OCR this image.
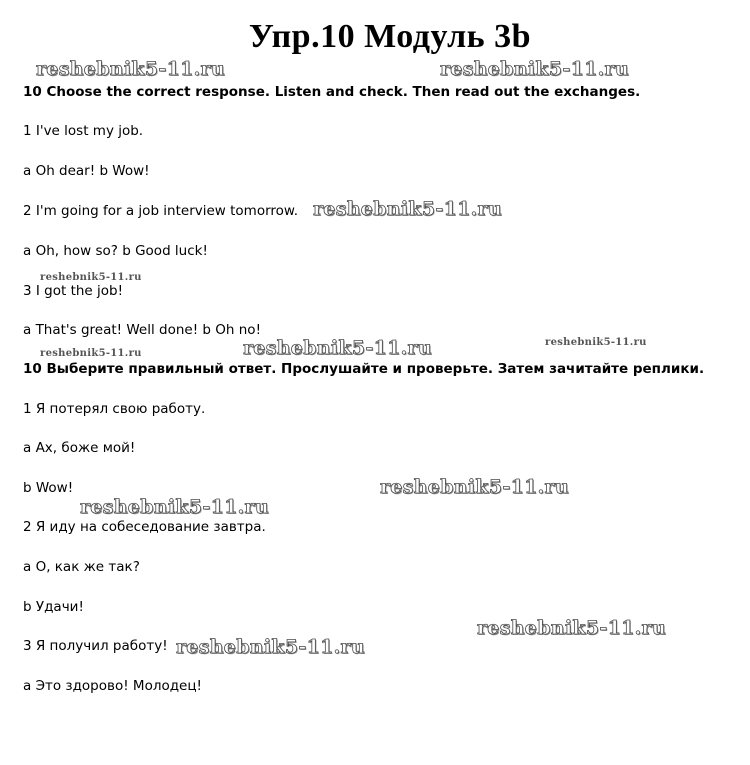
Упр.10 Модуль 3b
10 Choose the correct response. Listen and check. Then read out the exchanges.
1 I've lost my job.
a Oh dear! b Wow!
2 I'm going for a job interview tomorrow.
a Oh, how so? b Good luck!
3 I got the job!
a That's great! Well done! b Oh no!
10 Выберите правильный ответ. Прослушайте и проверьте. Затем зачитайте реплики.
1 Я потерял свою работу.
a Ах, боже мой!
b Wow!
2 Я иду на собеседование завтра.
a О, как же так?
b Удачи!
3 Я получил работу!
a Это здорово! Молодец!
reshebnik5-11.ru	reshebnik5-11.ru
reshebnik5-11.ru
reshebnik5-11.ru
reshebnik5-11.ru
reshebnik5-11.ru	reshebnik5-11.ru
reshebnik5-11.ru
reshebnik5-11.ru
reshebnik5-11.ru
reshebnik5-11.ru
